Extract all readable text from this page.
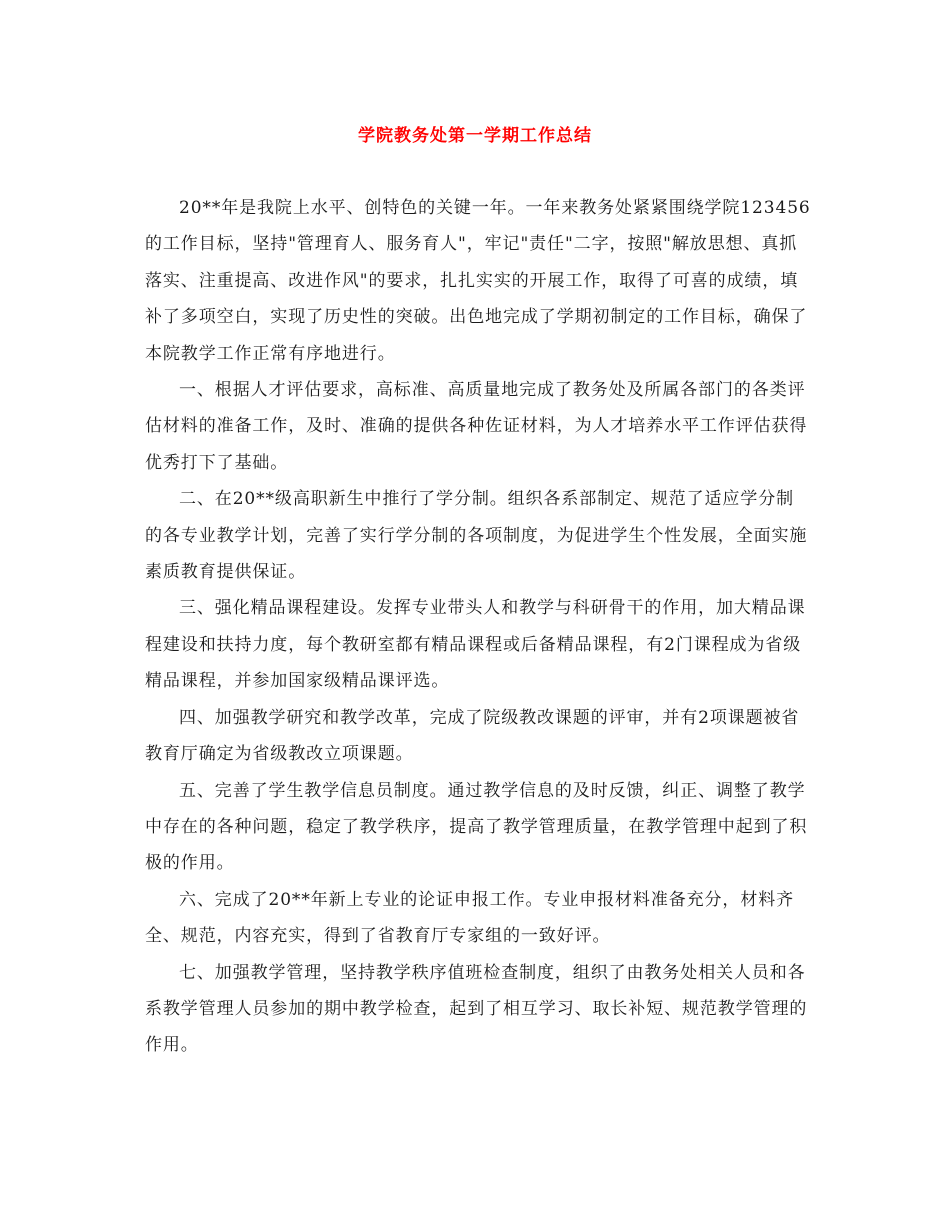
学院教务处第一学期工作总结

20**年是我院上水平、创特色的关键一年。一年来教务处紧紧围绕学院123456的工作目标，坚持"管理育人、服务育人"，牢记"责任"二字，按照"解放思想、真抓落实、注重提高、改进作风"的要求，扎扎实实的开展工作，取得了可喜的成绩，填补了多项空白，实现了历史性的突破。出色地完成了学期初制定的工作目标，确保了本院教学工作正常有序地进行。

一、根据人才评估要求，高标准、高质量地完成了教务处及所属各部门的各类评估材料的准备工作，及时、准确的提供各种佐证材料，为人才培养水平工作评估获得优秀打下了基础。

二、在20**级高职新生中推行了学分制。组织各系部制定、规范了适应学分制的各专业教学计划，完善了实行学分制的各项制度，为促进学生个性发展，全面实施素质教育提供保证。

三、强化精品课程建设。发挥专业带头人和教学与科研骨干的作用，加大精品课程建设和扶持力度，每个教研室都有精品课程或后备精品课程，有2门课程成为省级精品课程，并参加国家级精品课评选。

四、加强教学研究和教学改革，完成了院级教改课题的评审，并有2项课题被省教育厅确定为省级教改立项课题。

五、完善了学生教学信息员制度。通过教学信息的及时反馈，纠正、调整了教学中存在的各种问题，稳定了教学秩序，提高了教学管理质量，在教学管理中起到了积极的作用。

六、完成了20**年新上专业的论证申报工作。专业申报材料准备充分，材料齐全、规范，内容充实，得到了省教育厅专家组的一致好评。

七、加强教学管理，坚持教学秩序值班检查制度，组织了由教务处相关人员和各系教学管理人员参加的期中教学检查，起到了相互学习、取长补短、规范教学管理的作用。
